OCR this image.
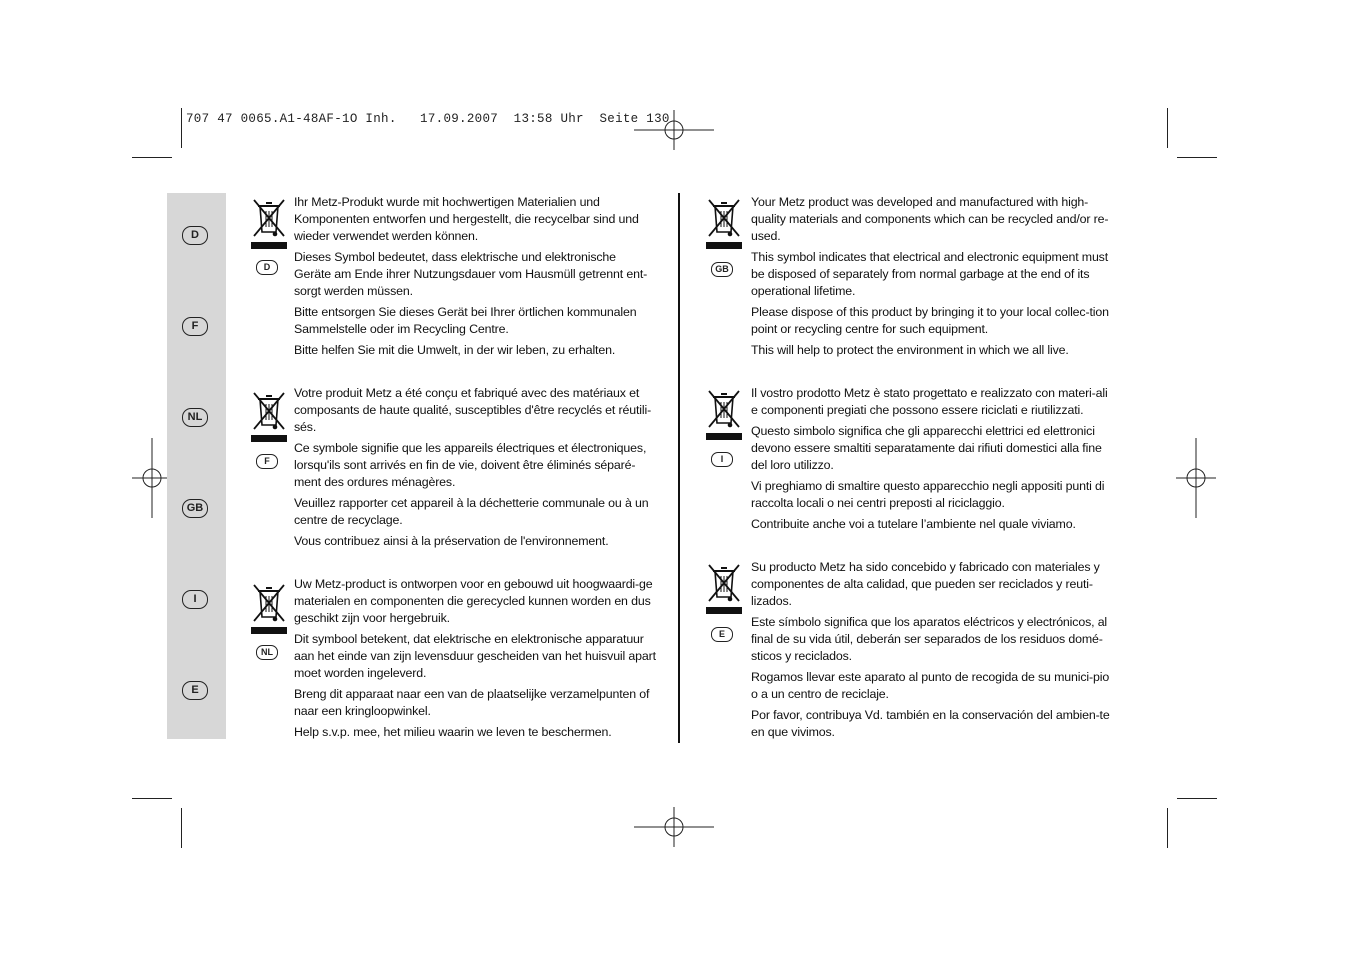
707 47 0065.A1-48AF-1O Inh.   17.09.2007  13:58 Uhr  Seite 130
D
F
NL
GB
I
E
D

Ihr Metz-Produkt wurde mit hochwertigen Materialien und Komponenten entworfen und hergestellt, die recycelbar sind und wieder verwendet werden können.

Dieses Symbol bedeutet, dass elektrische und elektronische Geräte am Ende ihrer Nutzungsdauer vom Hausmüll getrennt ent-sorgt werden müssen.

Bitte entsorgen Sie dieses Gerät bei Ihrer örtlichen kommunalen Sammelstelle oder im Recycling Centre.

Bitte helfen Sie mit die Umwelt, in der wir leben, zu erhalten.

F

Votre produit Metz a été conçu et fabriqué avec des matériaux et composants de haute qualité, susceptibles d'être recyclés et réutili-sés.

Ce symbole signifie que les appareils électriques et électroniques, lorsqu'ils sont arrivés en fin de vie, doivent être éliminés séparé-ment des ordures ménagères.

Veuillez rapporter cet appareil à la déchetterie communale ou à un centre de recyclage.

Vous contribuez ainsi à la préservation de l'environnement.

NL

Uw Metz-product is ontworpen voor en gebouwd uit hoogwaardi-ge materialen en componenten die gerecycled kunnen worden en dus geschikt zijn voor hergebruik.

Dit symbool betekent, dat elektrische en elektronische apparatuur aan het einde van zijn levensduur gescheiden van het huisvuil apart moet worden ingeleverd.

Breng dit apparaat naar een van de plaatselijke verzamelpunten of naar een kringloopwinkel.

Help s.v.p. mee, het milieu waarin we leven te beschermen.

GB

Your Metz product was developed and manufactured with high-quality materials and components which can be recycled and/or re-used.

This symbol indicates that electrical and electronic equipment must be disposed of separately from normal garbage at the end of its operational lifetime.

Please dispose of this product by bringing it to your local collec-tion point or recycling centre for such equipment.

This will help to protect the environment in which we all live.

I

Il vostro prodotto Metz è stato progettato e realizzato con materi-ali e componenti pregiati che possono essere riciclati e riutilizzati.

Questo simbolo significa che gli apparecchi elettrici ed elettronici devono essere smaltiti separatamente dai rifiuti domestici alla fine del loro utilizzo.

Vi preghiamo di smaltire questo apparecchio negli appositi punti di raccolta locali o nei centri preposti al riciclaggio.

Contribuite anche voi a tutelare l’ambiente nel quale viviamo.

E

Su producto Metz ha sido concebido y fabricado con materiales y componentes de alta calidad, que pueden ser reciclados y reuti-lizados.

Este símbolo significa que los aparatos eléctricos y electrónicos, al final de su vida útil, deberán ser separados de los residuos domé-sticos y reciclados.

Rogamos llevar este aparato al punto de recogida de su munici-pio o a un centro de reciclaje.

Por favor, contribuya Vd. también en la conservación del ambien-te en que vivimos.
